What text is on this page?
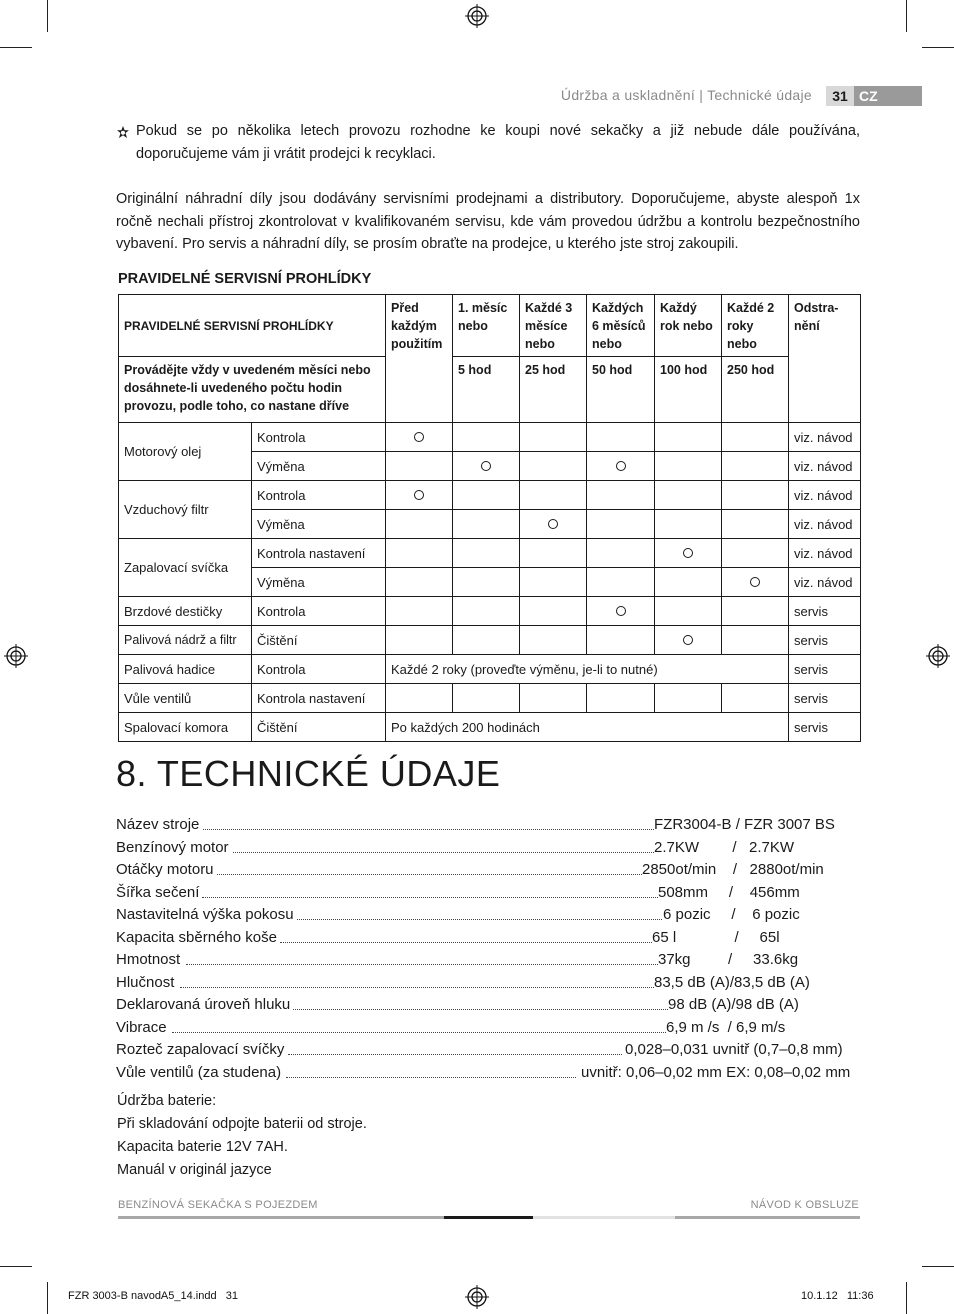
Údržba a uskladnění | Technické údaje	31 CZ
Pokud se po několika letech provozu rozhodne ke koupi nové sekačky a již nebude dále používána, doporučujeme vám ji vrátit prodejci k recyklaci.
Originální náhradní díly jsou dodávány servisními prodejnami a distributory. Doporučujeme, abyste alespoň 1x ročně nechali přístroj zkontrolovat v kvalifikovaném servisu, kde vám provedou údržbu a kontrolu bezpečnostního vybavení. Pro servis a náhradní díly, se prosím obraťte na prodejce, u kterého jste stroj zakoupili.
PRAVIDELNÉ SERVISNÍ PROHLÍDKY
PRAVIDELNÉ SERVISNÍ PROHLÍDKY		Před každým použitím	1. měsíc nebo	Každé 3 měsíce nebo	Každých 6 měsíců nebo	Každý rok nebo	Každé 2 roky nebo	Odstra-nění
Provádějte vždy v uvedeném měsíci nebo dosáhnete-li uvedeného počtu hodin provozu, podle toho, co nastane dříve			5 hod	25 hod	50 hod	100 hod	250 hod	
Motorový olej	Kontrola							viz. návod
	Výměna							viz. návod
Vzduchový filtr	Kontrola							viz. návod
	Výměna							viz. návod
Zapalovací svíčka	Kontrola nastavení							viz. návod
	Výměna							viz. návod
Brzdové destičky	Kontrola							servis
Palivová nádrž a filtr	Čištění							servis
Palivová hadice	Kontrola	Každé 2 roky (proveďte výměnu, je-li to nutné)						servis
Vůle ventilů	Kontrola nastavení							servis
Spalovací komora	Čištění	Po každých 200 hodinách						servis
8. TECHNICKÉ ÚDAJE
Název stroje	FZR3004-B / FZR 3007 BS
Benzínový motor	2.7KW        /   2.7KW
Otáčky motoru	2850ot/min    /   2880ot/min
Šířka sečení	508mm     /    456mm
Nastavitelná výška pokosu	6 pozic     /    6 pozic
Kapacita sběrného koše	65 l              /     65l
Hmotnost	37kg         /     33.6kg
Hlučnost	83,5 dB (A)/83,5 dB (A)
Deklarovaná úroveň hluku	98 dB (A)/98 dB (A)
Vibrace	6,9 m /s  / 6,9 m/s
Rozteč zapalovací svíčky	0,028–0,031 uvnitř (0,7–0,8 mm)
Vůle ventilů (za studena)	uvnitř: 0,06–0,02 mm EX: 0,08–0,02 mm
Údržba baterie:
Při skladování odpojte baterii od stroje.
Kapacita baterie 12V 7AH.
Manuál v originál jazyce
BENZÍNOVÁ SEKAČKA S POJEZDEM	NÁVOD K OBSLUZE
FZR 3003-B navodA5_14.indd   31	10.1.12   11:36
